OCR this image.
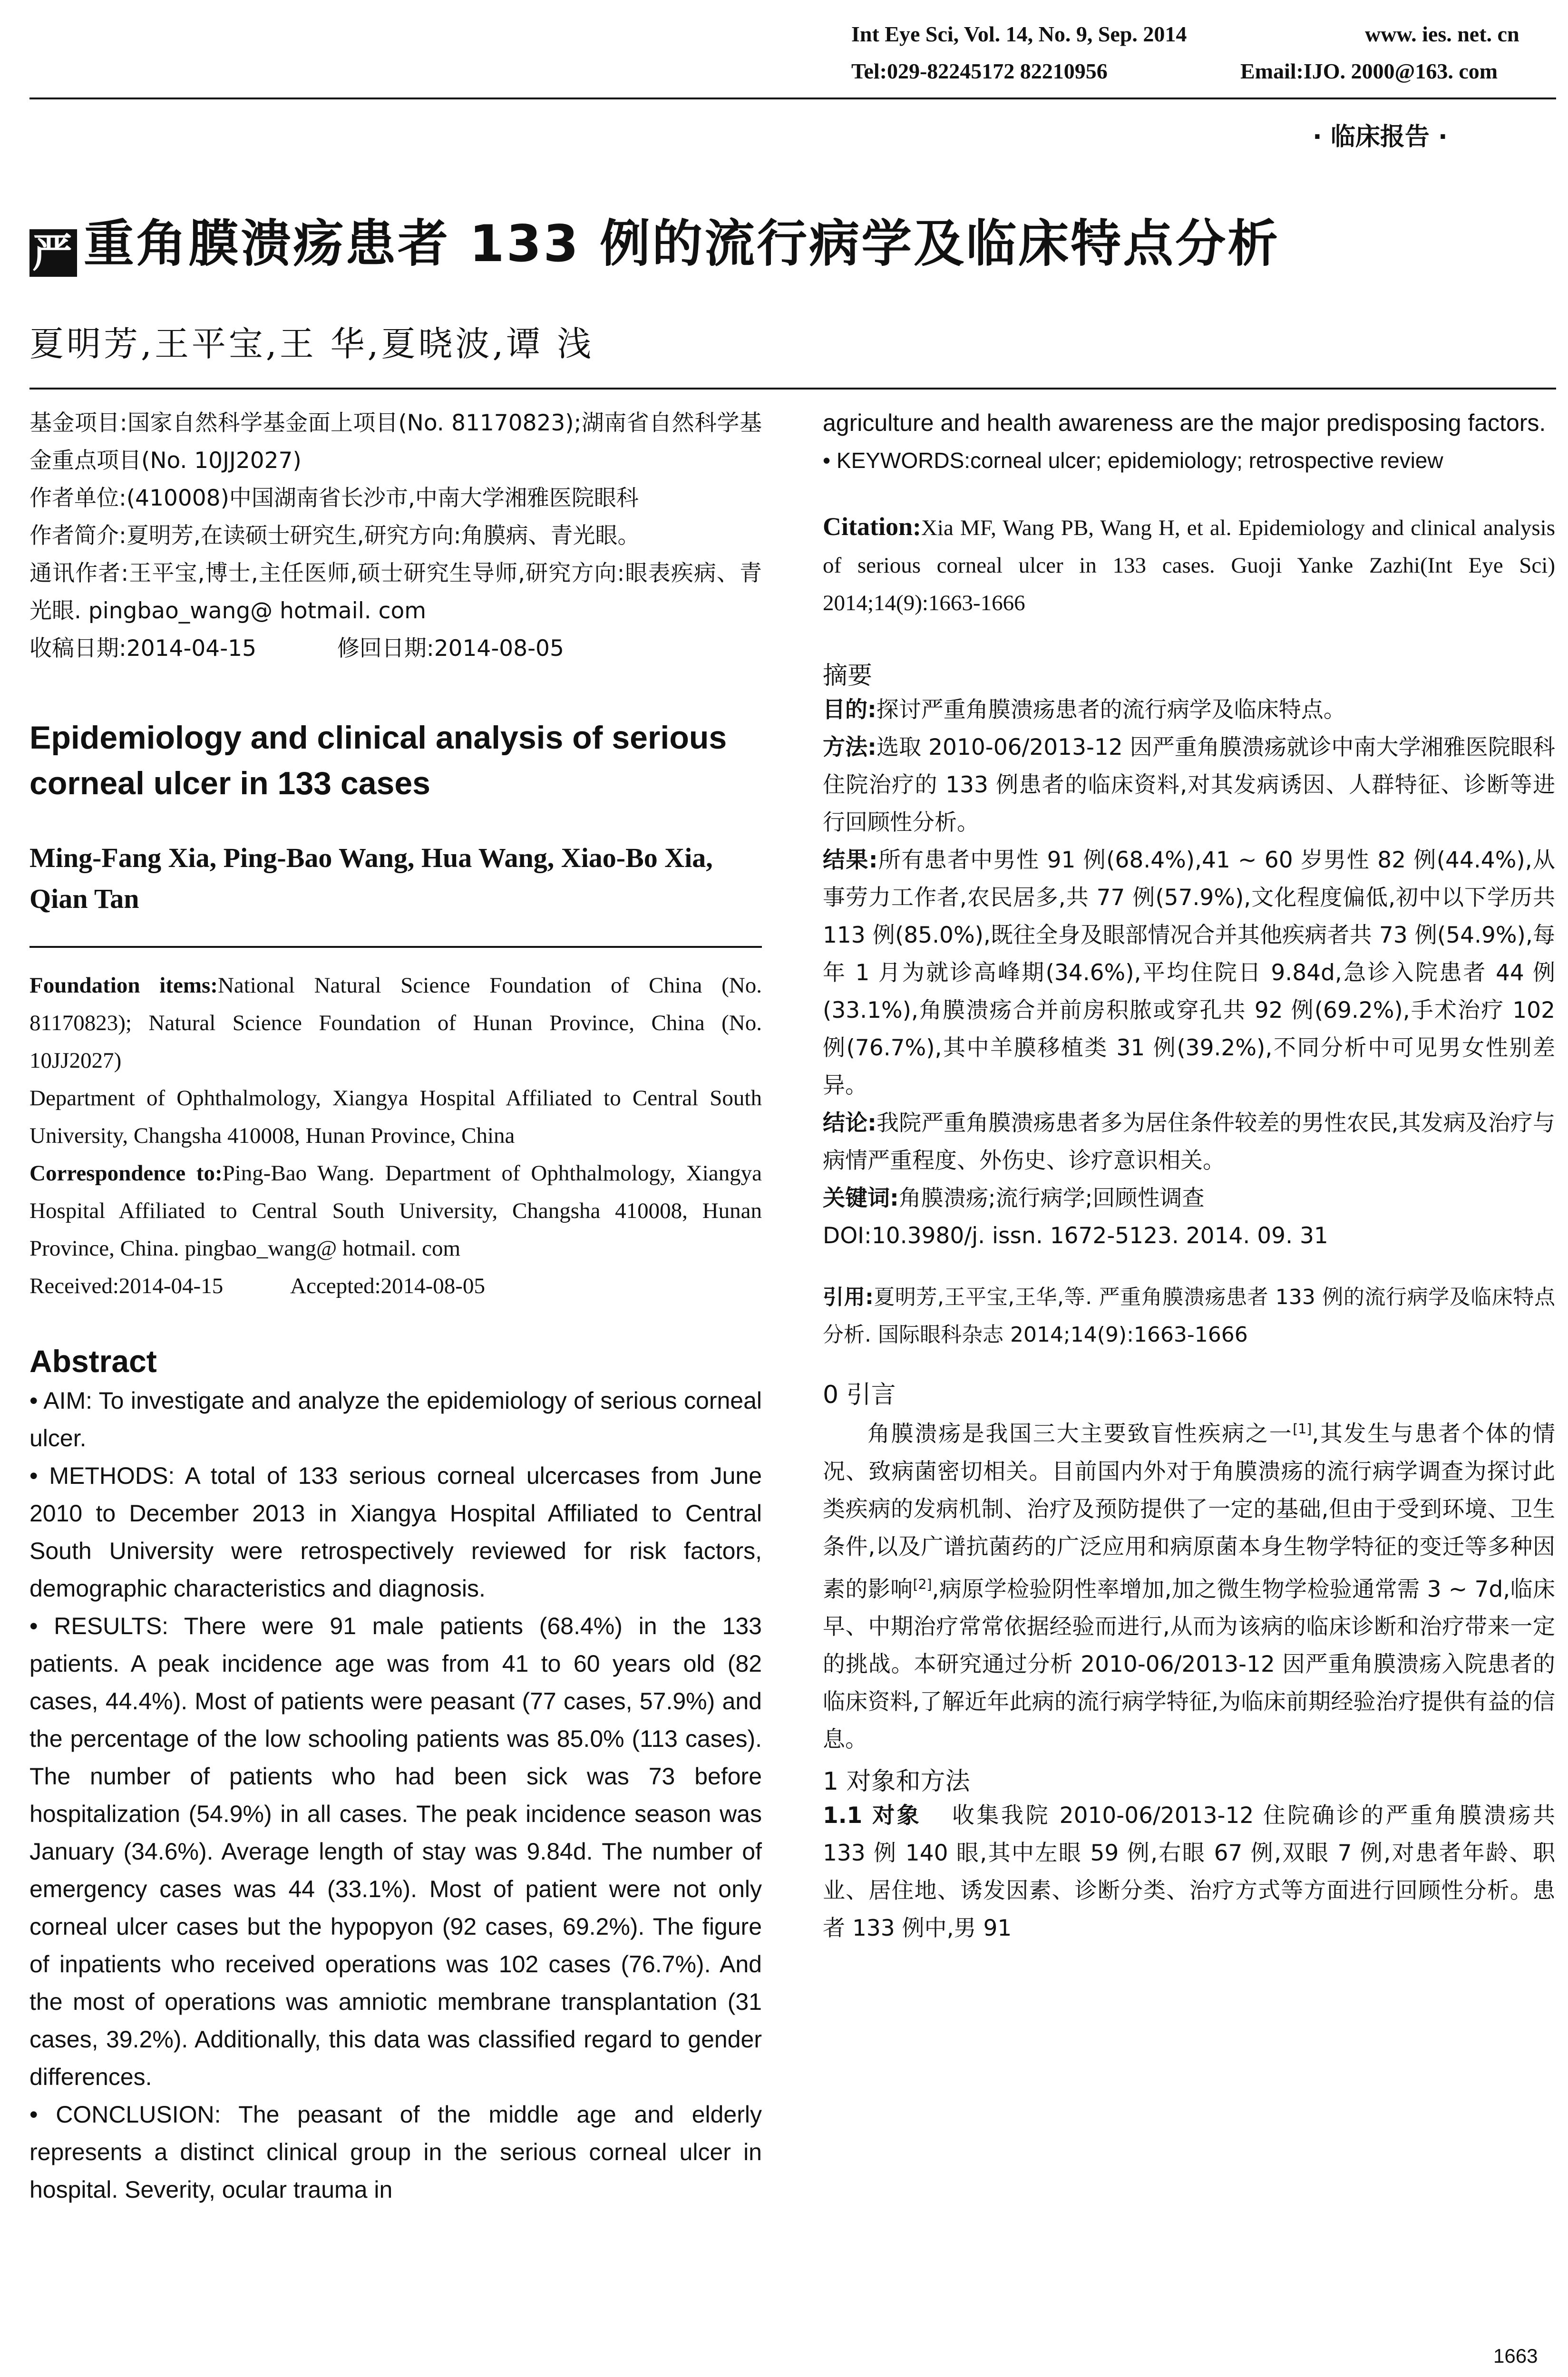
Int Eye Sci, Vol. 14, No. 9, Sep. 2014	www. ies. net. cn
Tel:029-82245172 82210956	Email:IJO. 2000@163. com
· 临床报告 ·
严 重角膜溃疡患者 133 例的流行病学及临床特点分析
夏明芳,王平宝,王 华,夏晓波,谭 浅

基金项目:国家自然科学基金面上项目(No. 81170823);湖南省自然科学基金重点项目(No. 10JJ2027)

作者单位:(410008)中国湖南省长沙市,中南大学湘雅医院眼科

作者简介:夏明芳,在读硕士研究生,研究方向:角膜病、青光眼。

通讯作者:王平宝,博士,主任医师,硕士研究生导师,研究方向:眼表疾病、青光眼. pingbao_wang@ hotmail. com

收稿日期:2014-04-15	修回日期:2014-08-05

Epidemiology and clinical analysis of serious corneal ulcer in 133 cases
Ming-Fang Xia, Ping-Bao Wang, Hua Wang, Xiao-Bo Xia, Qian Tan

Foundation items:National Natural Science Foundation of China (No. 81170823); Natural Science Foundation of Hunan Province, China (No. 10JJ2027)

Department of Ophthalmology, Xiangya Hospital Affiliated to Central South University, Changsha 410008, Hunan Province, China

Correspondence to:Ping-Bao Wang. Department of Ophthalmology, Xiangya Hospital Affiliated to Central South University, Changsha 410008, Hunan Province, China. pingbao_wang@ hotmail. com

Received:2014-04-15	Accepted:2014-08-05

Abstract

• AIM: To investigate and analyze the epidemiology of serious corneal ulcer.

• METHODS: A total of 133 serious corneal ulcercases from June 2010 to December 2013 in Xiangya Hospital Affiliated to Central South University were retrospectively reviewed for risk factors, demographic characteristics and diagnosis.

• RESULTS: There were 91 male patients (68.4%) in the 133 patients. A peak incidence age was from 41 to 60 years old (82 cases, 44.4%). Most of patients were peasant (77 cases, 57.9%) and the percentage of the low schooling patients was 85.0% (113 cases). The number of patients who had been sick was 73 before hospitalization (54.9%) in all cases. The peak incidence season was January (34.6%). Average length of stay was 9.84d. The number of emergency cases was 44 (33.1%). Most of patient were not only corneal ulcer cases but the hypopyon (92 cases, 69.2%). The figure of inpatients who received operations was 102 cases (76.7%). And the most of operations was amniotic membrane transplantation (31 cases, 39.2%). Additionally, this data was classified regard to gender differences.

• CONCLUSION: The peasant of the middle age and elderly represents a distinct clinical group in the serious corneal ulcer in hospital. Severity, ocular trauma in

agriculture and health awareness are the major predisposing factors.

• KEYWORDS:corneal ulcer; epidemiology; retrospective review

Citation:Xia MF, Wang PB, Wang H, et al. Epidemiology and clinical analysis of serious corneal ulcer in 133 cases. Guoji Yanke Zazhi(Int Eye Sci) 2014;14(9):1663-1666
摘要

目的:探讨严重角膜溃疡患者的流行病学及临床特点。

方法:选取 2010-06/2013-12 因严重角膜溃疡就诊中南大学湘雅医院眼科住院治疗的 133 例患者的临床资料,对其发病诱因、人群特征、诊断等进行回顾性分析。

结果:所有患者中男性 91 例(68.4%),41 ~ 60 岁男性 82 例(44.4%),从事劳力工作者,农民居多,共 77 例(57.9%),文化程度偏低,初中以下学历共 113 例(85.0%),既往全身及眼部情况合并其他疾病者共 73 例(54.9%),每年 1 月为就诊高峰期(34.6%),平均住院日 9.84d,急诊入院患者 44 例(33.1%),角膜溃疡合并前房积脓或穿孔共 92 例(69.2%),手术治疗 102 例(76.7%),其中羊膜移植类 31 例(39.2%),不同分析中可见男女性别差异。

结论:我院严重角膜溃疡患者多为居住条件较差的男性农民,其发病及治疗与病情严重程度、外伤史、诊疗意识相关。

关键词:角膜溃疡;流行病学;回顾性调查

DOI:10.3980/j. issn. 1672-5123. 2014. 09. 31

引用:夏明芳,王平宝,王华,等. 严重角膜溃疡患者 133 例的流行病学及临床特点分析. 国际眼科杂志 2014;14(9):1663-1666
0 引言
角膜溃疡是我国三大主要致盲性疾病之一[1],其发生与患者个体的情况、致病菌密切相关。目前国内外对于角膜溃疡的流行病学调查为探讨此类疾病的发病机制、治疗及预防提供了一定的基础,但由于受到环境、卫生条件,以及广谱抗菌药的广泛应用和病原菌本身生物学特征的变迁等多种因素的影响[2],病原学检验阴性率增加,加之微生物学检验通常需 3 ~ 7d,临床早、中期治疗常常依据经验而进行,从而为该病的临床诊断和治疗带来一定的挑战。本研究通过分析 2010-06/2013-12 因严重角膜溃疡入院患者的临床资料,了解近年此病的流行病学特征,为临床前期经验治疗提供有益的信息。
1 对象和方法
1.1 对象 收集我院 2010-06/2013-12 住院确诊的严重角膜溃疡共 133 例 140 眼,其中左眼 59 例,右眼 67 例,双眼 7 例,对患者年龄、职业、居住地、诱发因素、诊断分类、治疗方式等方面进行回顾性分析。患者 133 例中,男 91
1663
